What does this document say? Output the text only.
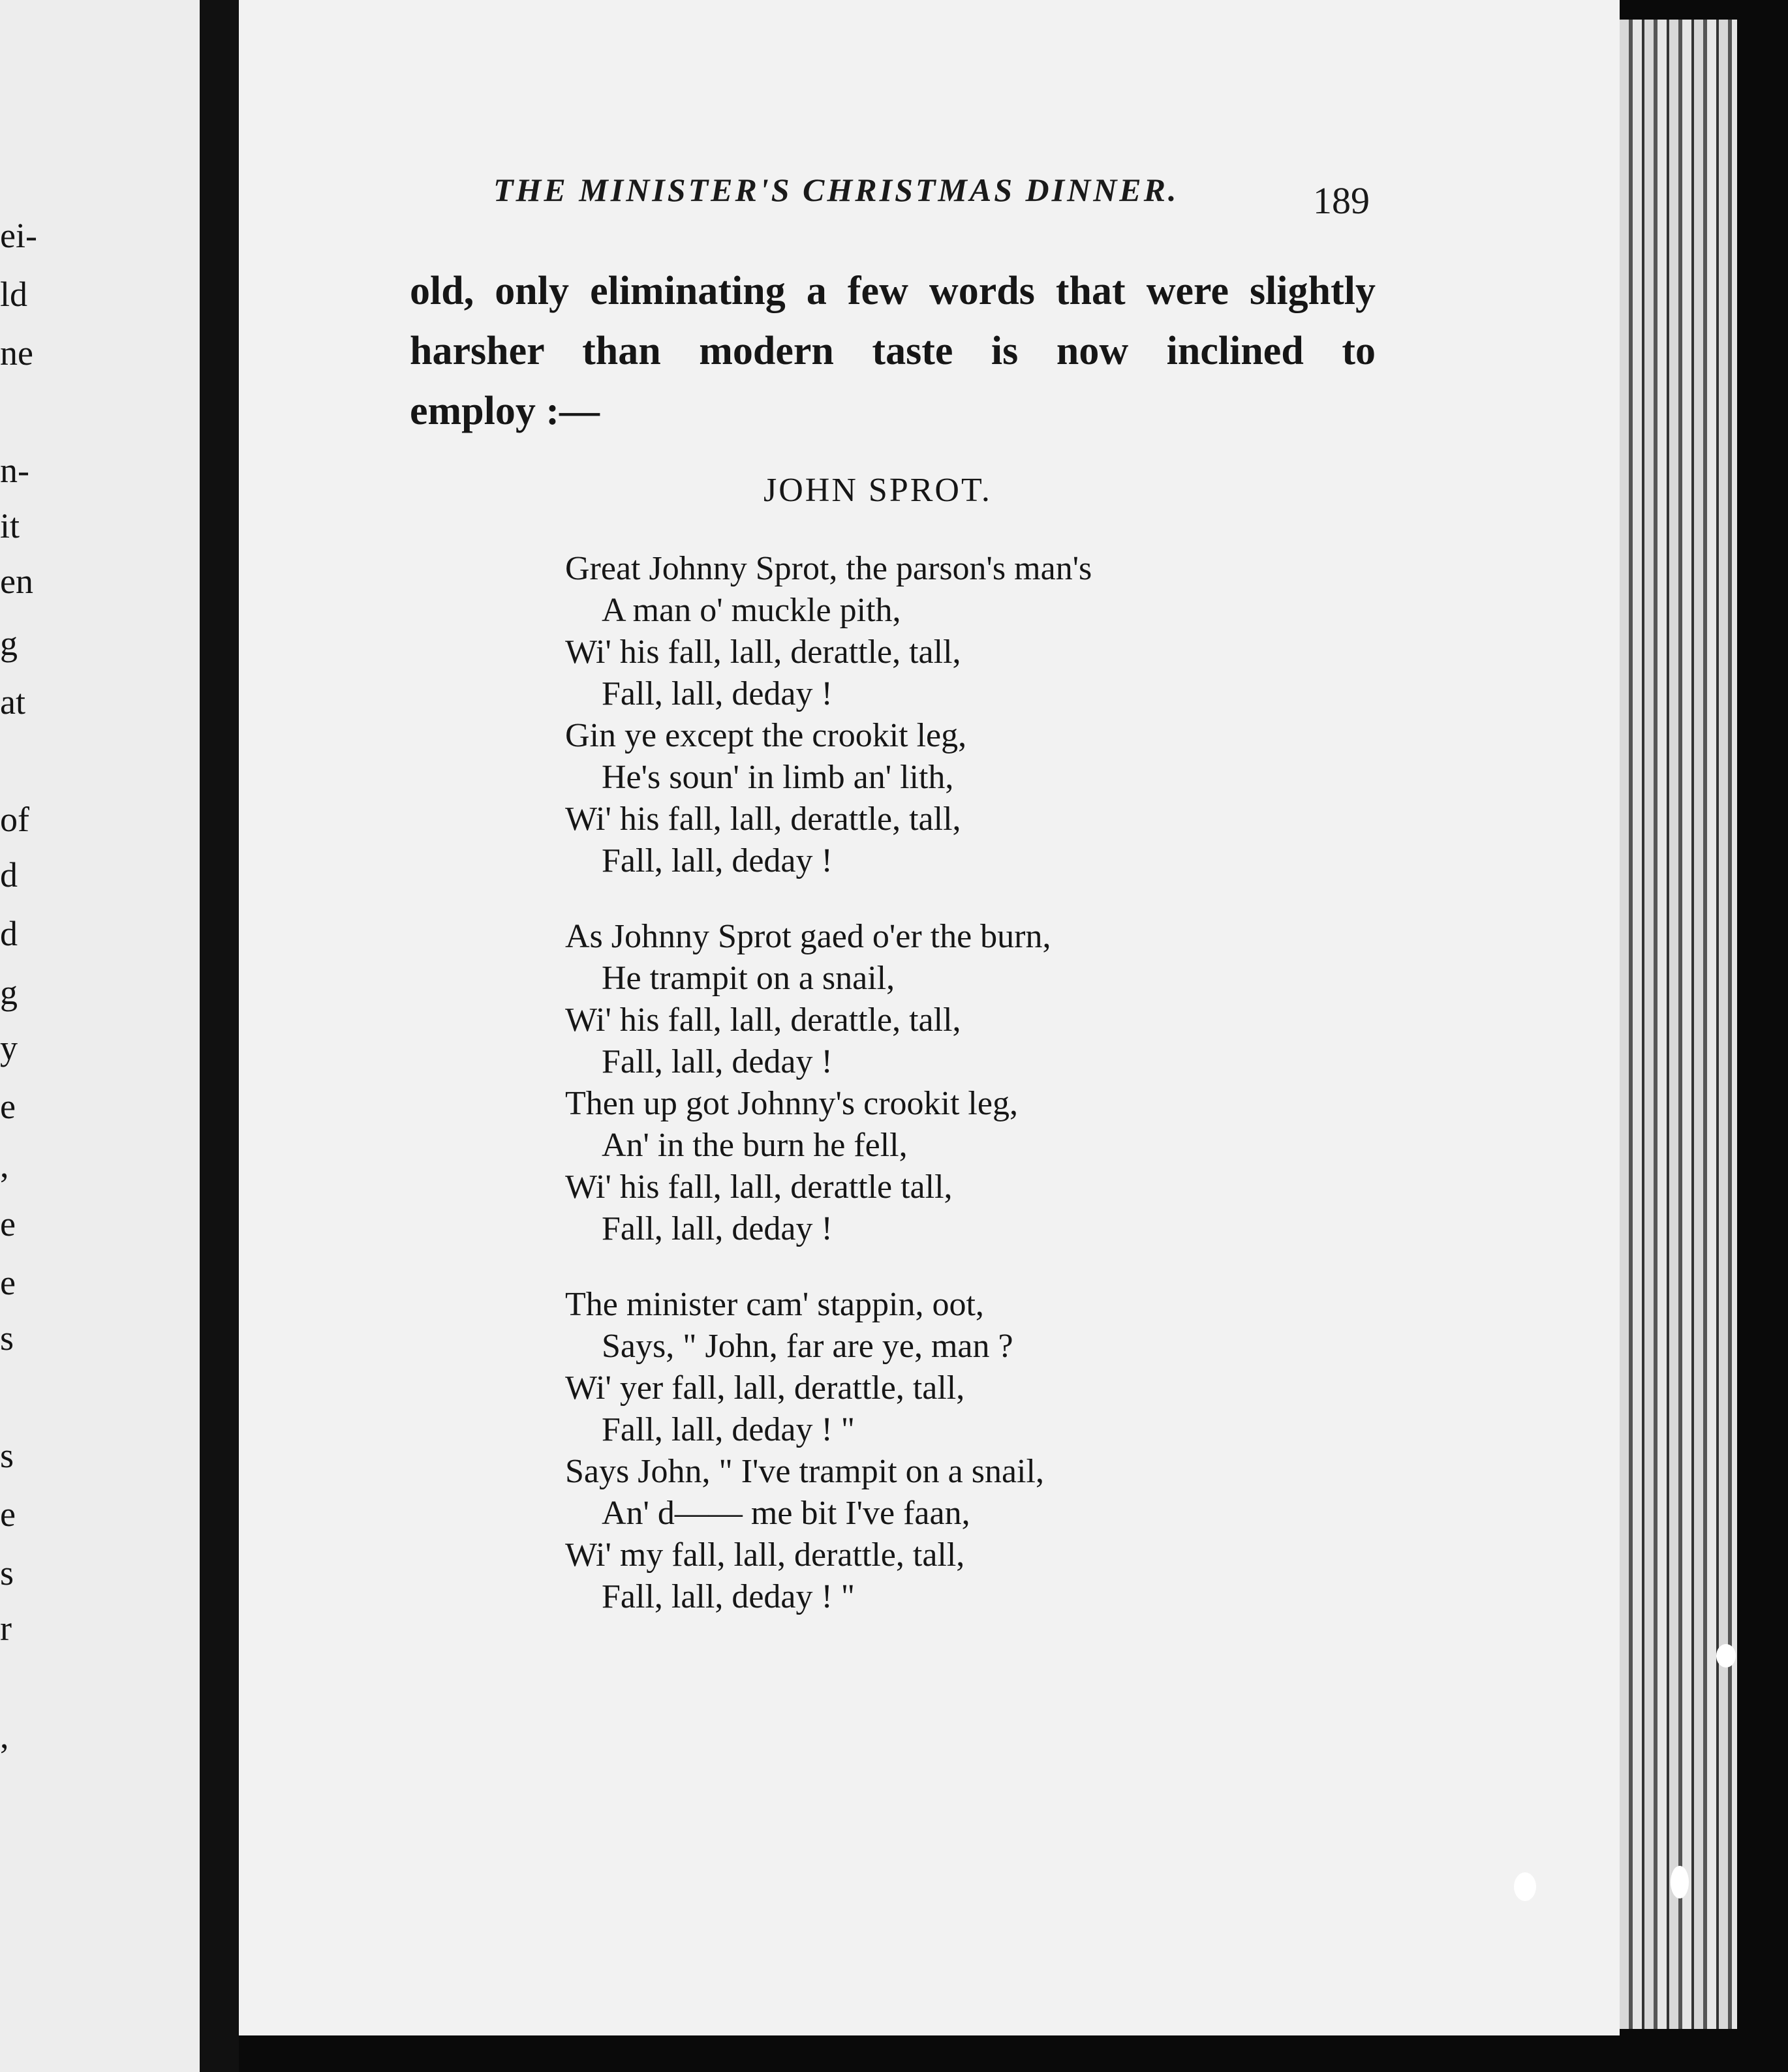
ei-
ld
ne
n-
it
en
g
at
of
d
d
g
y
e
,
e
e
s
s
e
s
r
,
THE MINISTER'S CHRISTMAS DINNER.	189
old, only eliminating a few words that were slightly
harsher than modern taste is now inclined to
employ :—
JOHN SPROT.
Great Johnny Sprot, the parson's man's
A man o' muckle pith,
Wi' his fall, lall, derattle, tall,
Fall, lall, deday !
Gin ye except the crookit leg,
He's soun' in limb an' lith,
Wi' his fall, lall, derattle, tall,
Fall, lall, deday !
As Johnny Sprot gaed o'er the burn,
He trampit on a snail,
Wi' his fall, lall, derattle, tall,
Fall, lall, deday !
Then up got Johnny's crookit leg,
An' in the burn he fell,
Wi' his fall, lall, derattle tall,
Fall, lall, deday !
The minister cam' stappin, oot,
Says, " John, far are ye, man ?
Wi' yer fall, lall, derattle, tall,
Fall, lall, deday ! "
Says John, " I've trampit on a snail,
An' d—— me bit I've faan,
Wi' my fall, lall, derattle, tall,
Fall, lall, deday ! "
